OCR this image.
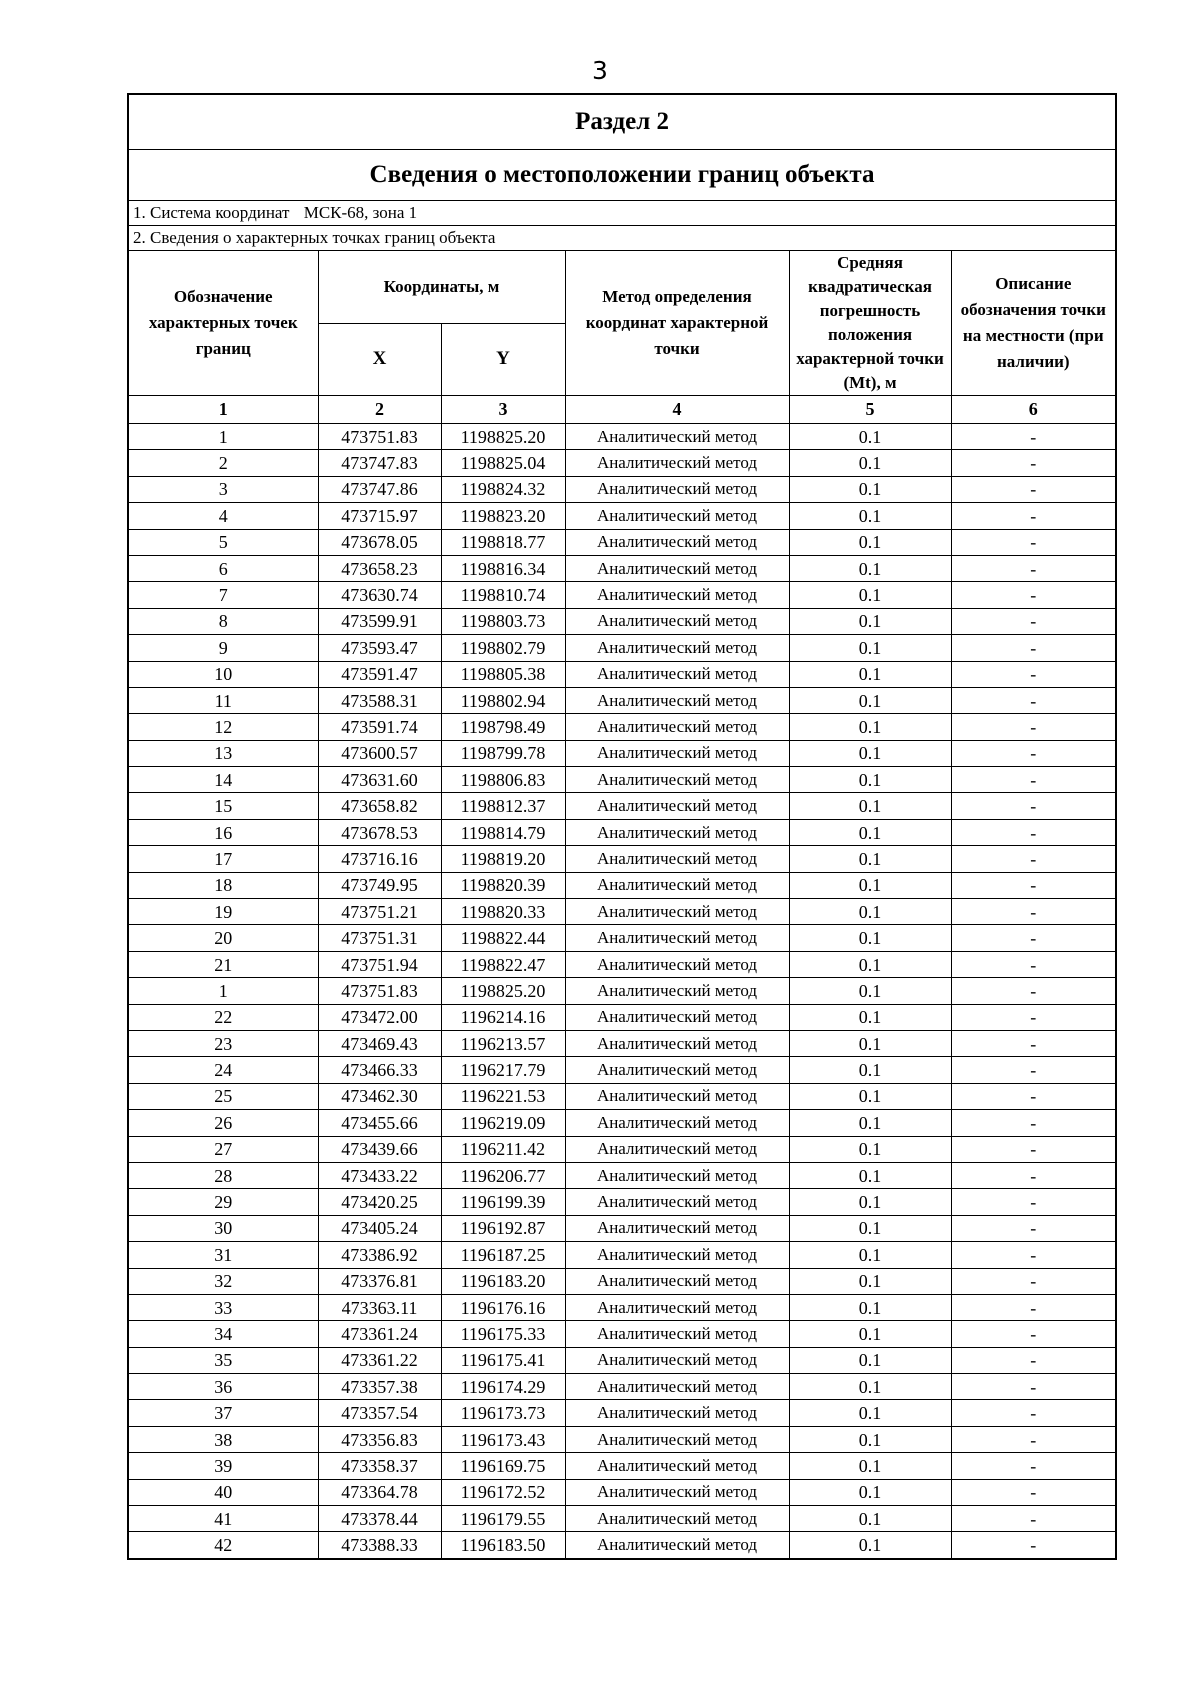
3
Раздел 2					
Сведения о местоположении границ объекта					
1. Система координат МСК-68, зона 1					
2. Сведения о характерных точках границ объекта					
Обозначение характерных точек границ	Координаты, м		Метод определения координат характерной точки	Средняя квадратическая погрешность положения характерной точки (Mt), м	Описание обозначения точки на местности (при наличии)
	X	Y			
1	2	3	4	5	6
1	473751.83	1198825.20	Аналитический метод	0.1	-
2	473747.83	1198825.04	Аналитический метод	0.1	-
3	473747.86	1198824.32	Аналитический метод	0.1	-
4	473715.97	1198823.20	Аналитический метод	0.1	-
5	473678.05	1198818.77	Аналитический метод	0.1	-
6	473658.23	1198816.34	Аналитический метод	0.1	-
7	473630.74	1198810.74	Аналитический метод	0.1	-
8	473599.91	1198803.73	Аналитический метод	0.1	-
9	473593.47	1198802.79	Аналитический метод	0.1	-
10	473591.47	1198805.38	Аналитический метод	0.1	-
11	473588.31	1198802.94	Аналитический метод	0.1	-
12	473591.74	1198798.49	Аналитический метод	0.1	-
13	473600.57	1198799.78	Аналитический метод	0.1	-
14	473631.60	1198806.83	Аналитический метод	0.1	-
15	473658.82	1198812.37	Аналитический метод	0.1	-
16	473678.53	1198814.79	Аналитический метод	0.1	-
17	473716.16	1198819.20	Аналитический метод	0.1	-
18	473749.95	1198820.39	Аналитический метод	0.1	-
19	473751.21	1198820.33	Аналитический метод	0.1	-
20	473751.31	1198822.44	Аналитический метод	0.1	-
21	473751.94	1198822.47	Аналитический метод	0.1	-
1	473751.83	1198825.20	Аналитический метод	0.1	-
22	473472.00	1196214.16	Аналитический метод	0.1	-
23	473469.43	1196213.57	Аналитический метод	0.1	-
24	473466.33	1196217.79	Аналитический метод	0.1	-
25	473462.30	1196221.53	Аналитический метод	0.1	-
26	473455.66	1196219.09	Аналитический метод	0.1	-
27	473439.66	1196211.42	Аналитический метод	0.1	-
28	473433.22	1196206.77	Аналитический метод	0.1	-
29	473420.25	1196199.39	Аналитический метод	0.1	-
30	473405.24	1196192.87	Аналитический метод	0.1	-
31	473386.92	1196187.25	Аналитический метод	0.1	-
32	473376.81	1196183.20	Аналитический метод	0.1	-
33	473363.11	1196176.16	Аналитический метод	0.1	-
34	473361.24	1196175.33	Аналитический метод	0.1	-
35	473361.22	1196175.41	Аналитический метод	0.1	-
36	473357.38	1196174.29	Аналитический метод	0.1	-
37	473357.54	1196173.73	Аналитический метод	0.1	-
38	473356.83	1196173.43	Аналитический метод	0.1	-
39	473358.37	1196169.75	Аналитический метод	0.1	-
40	473364.78	1196172.52	Аналитический метод	0.1	-
41	473378.44	1196179.55	Аналитический метод	0.1	-
42	473388.33	1196183.50	Аналитический метод	0.1	-
